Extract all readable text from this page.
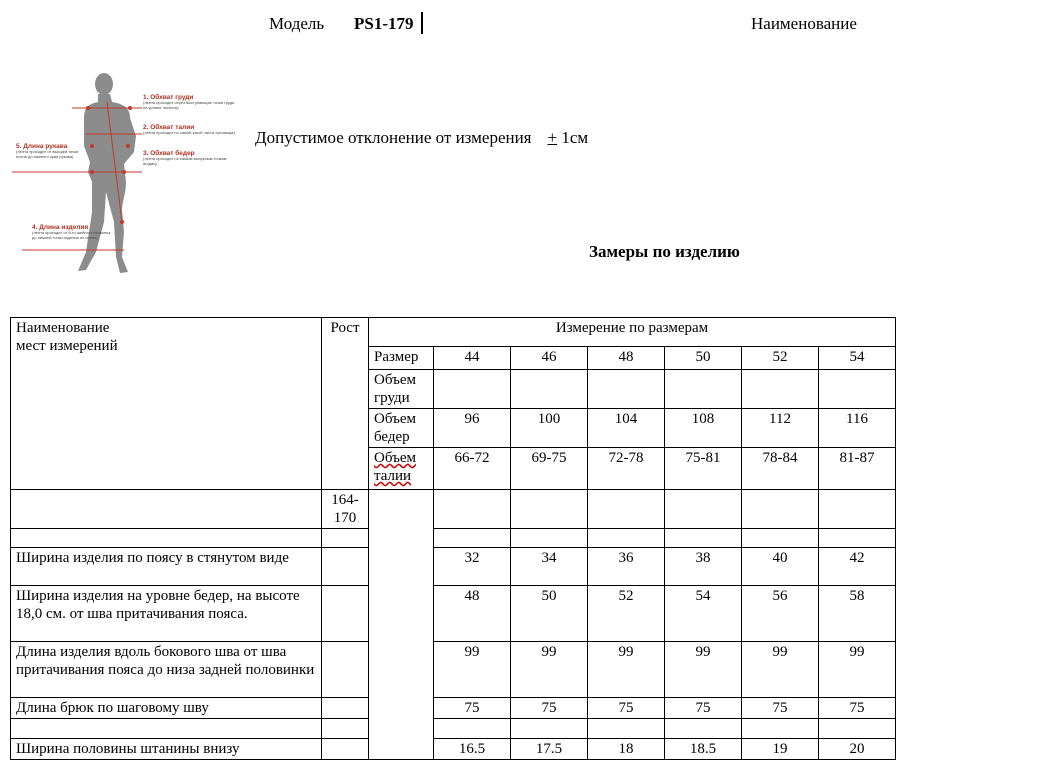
Модель PS1-179	Наименование
1. Обхват груди
2. Обхват талии
3. Обхват бедер
4. Длина изделия
5. Длина рукава
(лента проходит через выступающие точки груди на уровне лопаток)
(лента проходит по самой узкой части туловища)
(лента проходит по самым выпуклым точкам ягодиц)
(лента проходит от 6-го шейного позвонка до нижней точки изделия по спине)
(лента проходит от высшей точки плеча до нижнего края рукава)
Допустимое отклонение от измерения + 1см
Замеры по изделию
Наименование
мест измерений	Рост	Измерение по размерам						
		Размер	44	46	48	50	52	54

		Объем
груди						

		Объем
бедер	96	100	104	108	112	116

		Объем
талии	66-72	69-75	72-78	75-81	78-84	81-87
	164-
170							

Ширина изделия по поясу в стянутом виде			32	34	36	38	40	42
Ширина изделия на уровне бедер, на высоте 18,0 см. от шва притачивания пояса.			48	50	52	54	56	58
Длина изделия вдоль бокового шва от шва притачивания пояса до низа задней половинки			99	99	99	99	99	99
Длина брюк по шаговому шву			75	75	75	75	75	75

Ширина половины штанины внизу			16.5	17.5	18	18.5	19	20
